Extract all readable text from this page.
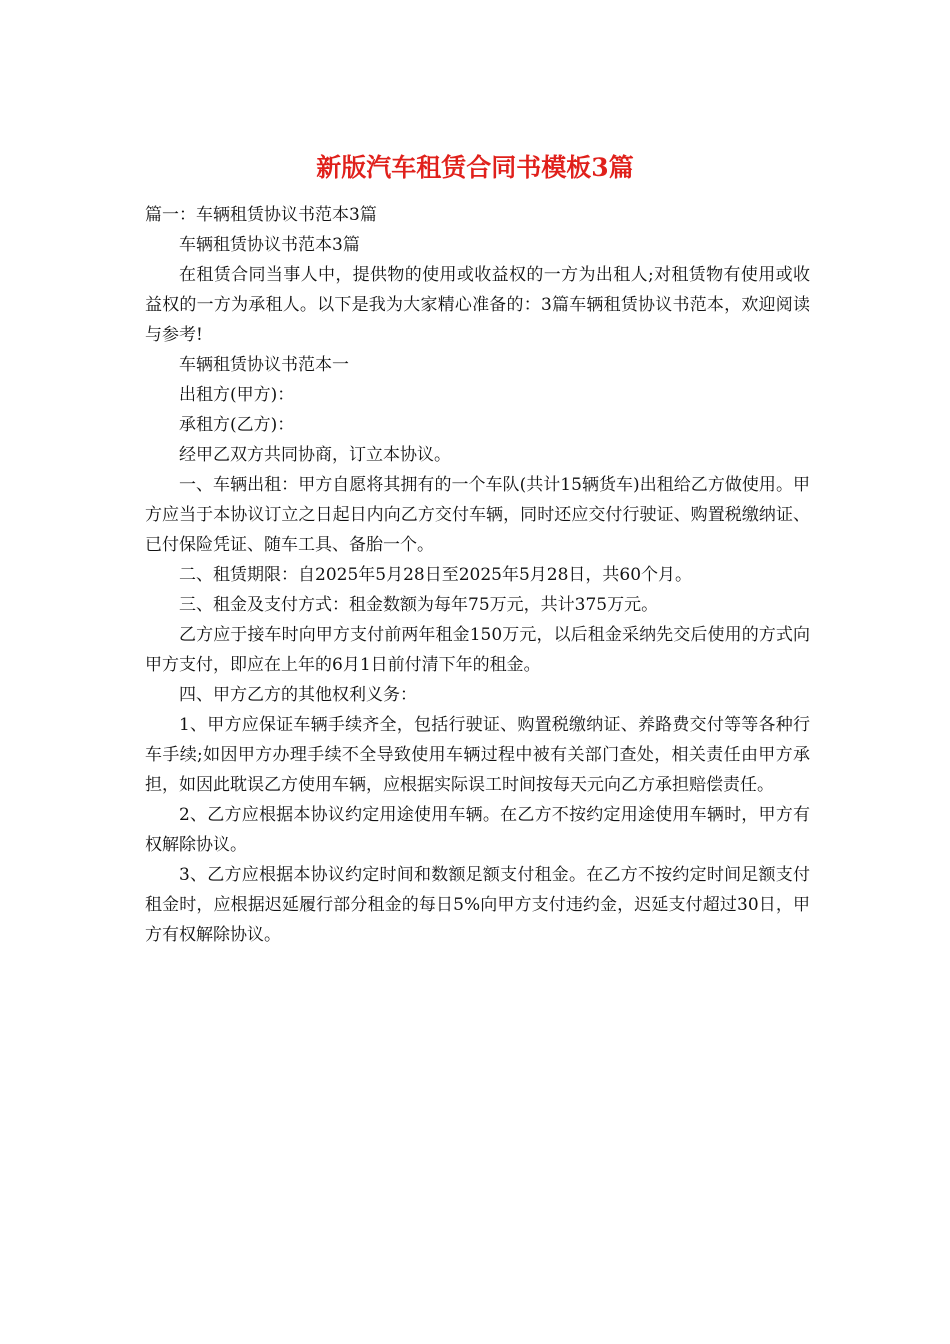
新版汽车租赁合同书模板3篇

篇一：车辆租赁协议书范本3篇

车辆租赁协议书范本3篇

在租赁合同当事人中，提供物的使用或收益权的一方为出租人;对租赁物有使用或收益权的一方为承租人。以下是我为大家精心准备的：3篇车辆租赁协议书范本，欢迎阅读与参考!

车辆租赁协议书范本一

出租方(甲方)：

承租方(乙方)：

经甲乙双方共同协商，订立本协议。

一、车辆出租：甲方自愿将其拥有的一个车队(共计15辆货车)出租给乙方做使用。甲方应当于本协议订立之日起日内向乙方交付车辆，同时还应交付行驶证、购置税缴纳证、已付保险凭证、随车工具、备胎一个。

二、租赁期限：自2025年5月28日至2025年5月28日，共60个月。

三、租金及支付方式：租金数额为每年75万元，共计375万元。

乙方应于接车时向甲方支付前两年租金150万元，以后租金采纳先交后使用的方式向甲方支付，即应在上年的6月1日前付清下年的租金。

四、甲方乙方的其他权利义务：

1、甲方应保证车辆手续齐全，包括行驶证、购置税缴纳证、养路费交付等等各种行车手续;如因甲方办理手续不全导致使用车辆过程中被有关部门查处，相关责任由甲方承担，如因此耽误乙方使用车辆，应根据实际误工时间按每天元向乙方承担赔偿责任。

2、乙方应根据本协议约定用途使用车辆。在乙方不按约定用途使用车辆时，甲方有权解除协议。

3、乙方应根据本协议约定时间和数额足额支付租金。在乙方不按约定时间足额支付租金时，应根据迟延履行部分租金的每日5%向甲方支付违约金，迟延支付超过30日，甲方有权解除协议。
